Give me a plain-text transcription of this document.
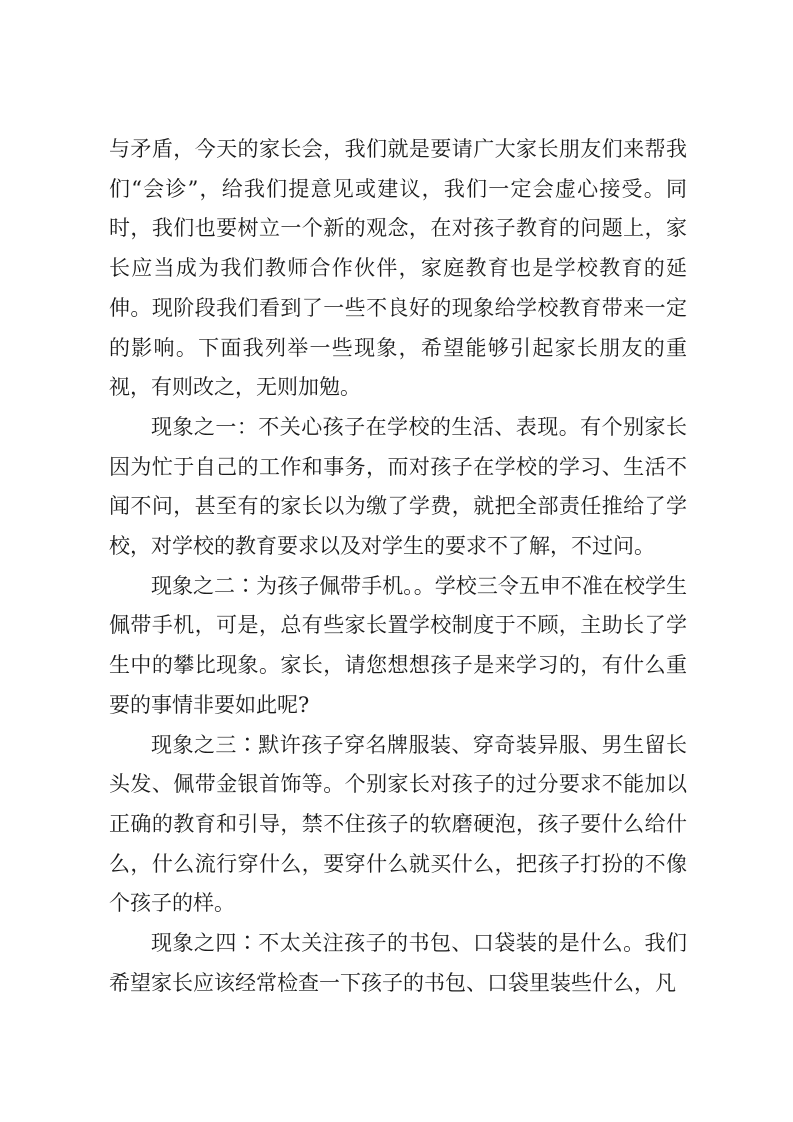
与矛盾，今天的家长会，我们就是要请广大家长朋友们来帮我们“会诊”，给我们提意见或建议，我们一定会虚心接受。同时，我们也要树立一个新的观念，在对孩子教育的问题上，家长应当成为我们教师合作伙伴，家庭教育也是学校教育的延伸。现阶段我们看到了一些不良好的现象给学校教育带来一定的影响。下面我列举一些现象，希望能够引起家长朋友的重视，有则改之，无则加勉。

现象之一：不关心孩子在学校的生活、表现。有个别家长因为忙于自己的工作和事务，而对孩子在学校的学习、生活不闻不问，甚至有的家长以为缴了学费，就把全部责任推给了学校，对学校的教育要求以及对学生的要求不了解，不过问。

现象之二∶为孩子佩带手机。。学校三令五申不准在校学生佩带手机，可是，总有些家长置学校制度于不顾，主助长了学生中的攀比现象。家长，请您想想孩子是来学习的，有什么重要的事情非要如此呢?

现象之三∶默许孩子穿名牌服装、穿奇装异服、男生留长头发、佩带金银首饰等。个别家长对孩子的过分要求不能加以正确的教育和引导，禁不住孩子的软磨硬泡，孩子要什么给什么，什么流行穿什么，要穿什么就买什么，把孩子打扮的不像个孩子的样。

现象之四∶不太关注孩子的书包、口袋装的是什么。我们希望家长应该经常检查一下孩子的书包、口袋里装些什么，凡
